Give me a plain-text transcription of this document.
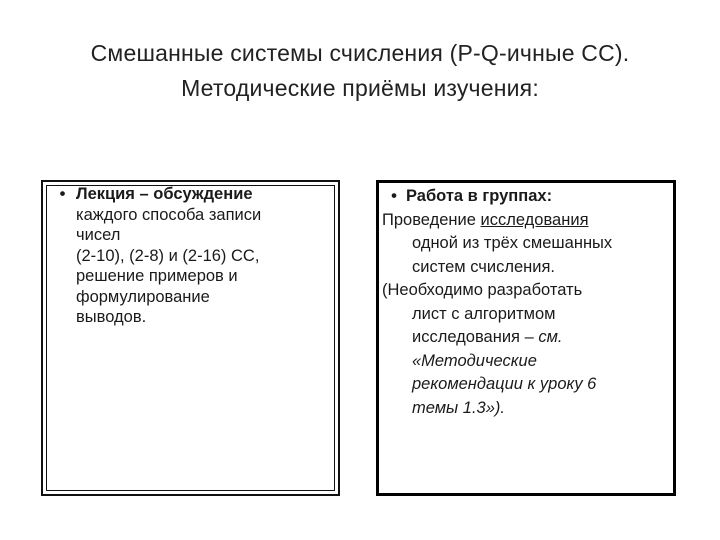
Смешанные системы счисления (P-Q-ичные СС).
Методические приёмы изучения:
• Лекция – обсуждение
каждого способа записи
чисел
(2-10), (2-8) и (2-16) СС,
решение примеров и
формулирование
выводов.
• Работа в группах:
Проведение исследования
одной из трёх смешанных
систем счисления.
(Необходимо разработать
лист с алгоритмом
исследования – см.
«Методические
рекомендации к уроку 6
темы 1.3»).
